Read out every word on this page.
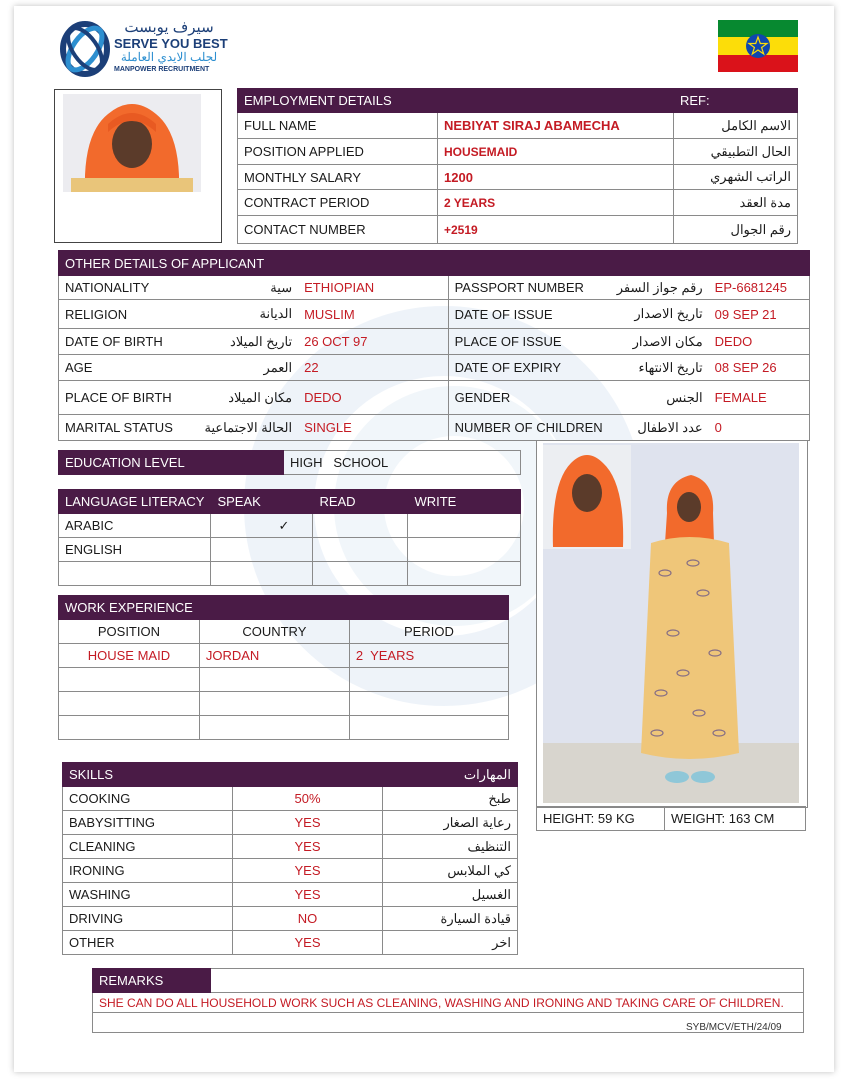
سيرف يوبست
SERVE YOU BEST
لجلب الايدي العاملة
MANPOWER RECRUITMENT
EMPLOYMENT DETAILS		REF:
FULL NAME	NEBIYAT SIRAJ ABAMECHA	الاسم الكامل
POSITION APPLIED	HOUSEMAID	الحال التطبيقي
MONTHLY SALARY	1200	الراتب الشهري
CONTRACT PERIOD	2 YEARS	مدة العقد
CONTACT NUMBER	+2519	رقم الجوال
OTHER DETAILS OF APPLICANT					
NATIONALITY	سية	ETHIOPIAN	PASSPORT NUMBER	رقم جواز السفر	EP-6681245
RELIGION	الديانة	MUSLIM	DATE OF ISSUE	تاريخ الاصدار	09 SEP 21
DATE OF BIRTH	تاريخ الميلاد	26 OCT 97	PLACE OF ISSUE	مكان الاصدار	DEDO
AGE	العمر	22	DATE OF EXPIRY	تاريخ الانتهاء	08 SEP 26
PLACE OF BIRTH	مكان الميلاد	DEDO	GENDER	الجنس	FEMALE
MARITAL STATUS	الحالة الاجتماعية	SINGLE	NUMBER OF CHILDREN	عدد الاطفال	0
EDUCATION LEVEL	HIGH   SCHOOL
LANGUAGE LITERACY	SPEAK	READ	WRITE
ARABIC	✓		
ENGLISH			

WORK EXPERIENCE		
POSITION	COUNTRY	PERIOD
HOUSE MAID	JORDAN	2  YEARS

SKILLS		المهارات
COOKING	50%	طبخ
BABYSITTING	YES	رعاية الصغار
CLEANING	YES	التنظيف
IRONING	YES	كي الملابس
WASHING	YES	الغسيل
DRIVING	NO	قيادة السيارة
OTHER	YES	اخر
HEIGHT: 59 KG	WEIGHT: 163 CM
REMARKS	
SHE CAN DO ALL HOUSEHOLD WORK SUCH AS CLEANING, WASHING AND IRONING AND TAKING CARE OF CHILDREN.

SYB/MCV/ETH/24/09
